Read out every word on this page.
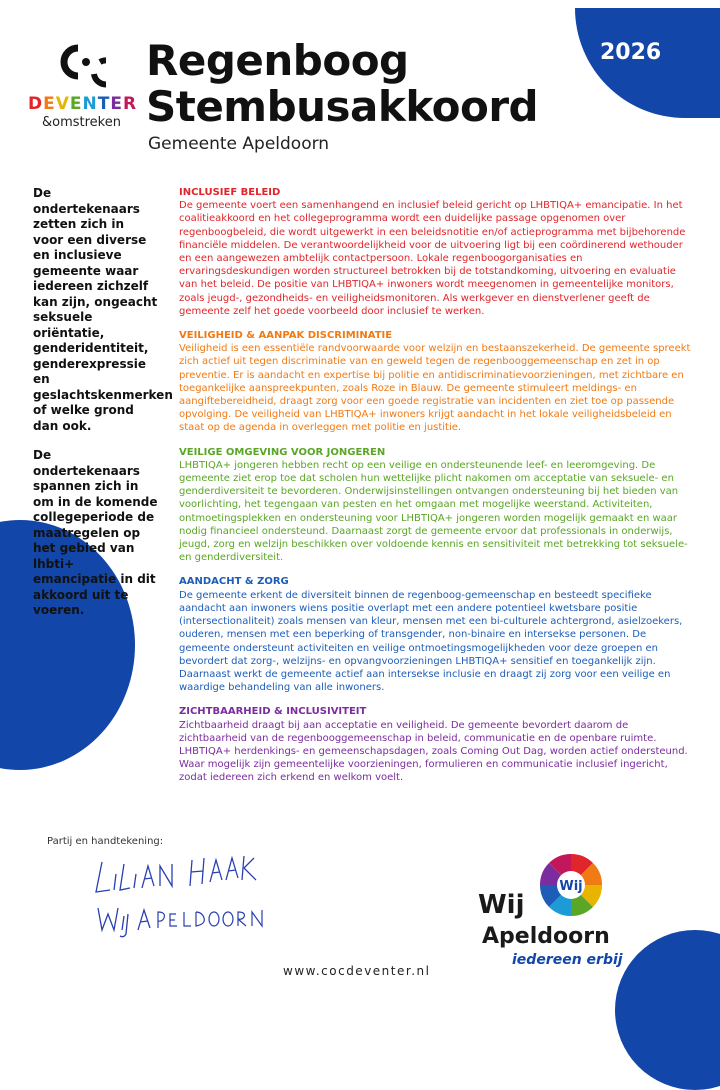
DEVENTER
&omstreken
Regenboog
Stembusakkoord
2026
Gemeente Apeldoorn

De ondertekenaars zetten zich in voor een diverse en inclusieve gemeente waar iedereen zichzelf kan zijn, ongeacht seksuele oriëntatie, genderidentiteit, genderexpressie en geslachtskenmerken of welke grond dan ook.

De ondertekenaars spannen zich in om in de komende collegeperiode de maatregelen op het gebied van lhbti+ emancipatie in dit akkoord uit te voeren.

INCLUSIEF BELEID

De gemeente voert een samenhangend en inclusief beleid gericht op LHBTIQA+ emancipatie. In het coalitieakkoord en het collegeprogramma wordt een duidelijke passage opgenomen over regenboogbeleid, die wordt uitgewerkt in een beleidsnotitie en/of actieprogramma met bijbehorende financiële middelen. De verantwoordelijkheid voor de uitvoering ligt bij een coördinerend wethouder en een aangewezen ambtelijk contactpersoon. Lokale regenboogorganisaties en ervaringsdeskundigen worden structureel betrokken bij de totstandkoming, uitvoering en evaluatie van het beleid. De positie van LHBTIQA+ inwoners wordt meegenomen in gemeentelijke monitors, zoals jeugd-, gezondheids- en veiligheidsmonitoren. Als werkgever en dienstverlener geeft de gemeente zelf het goede voorbeeld door inclusief te werken.

VEILIGHEID & AANPAK DISCRIMINATIE

Veiligheid is een essentiële randvoorwaarde voor welzijn en bestaanszekerheid. De gemeente spreekt zich actief uit tegen discriminatie van en geweld tegen de regenbooggemeenschap en zet in op preventie. Er is aandacht en expertise bij politie en antidiscriminatievoorzieningen, met zichtbare en toegankelijke aanspreekpunten, zoals Roze in Blauw. De gemeente stimuleert meldings- en aangiftebereidheid, draagt zorg voor een goede registratie van incidenten en ziet toe op passende opvolging. De veiligheid van LHBTIQA+ inwoners krijgt aandacht in het lokale veiligheidsbeleid en staat op de agenda in overleggen met politie en justitie.

VEILIGE OMGEVING VOOR JONGEREN

LHBTIQA+ jongeren hebben recht op een veilige en ondersteunende leef- en leeromgeving. De gemeente ziet erop toe dat scholen hun wettelijke plicht nakomen om acceptatie van seksuele- en genderdiversiteit te bevorderen. Onderwijsinstellingen ontvangen ondersteuning bij het bieden van voorlichting, het tegengaan van pesten en het omgaan met mogelijke weerstand. Activiteiten, ontmoetingsplekken en ondersteuning voor LHBTIQA+ jongeren worden mogelijk gemaakt en waar nodig financieel ondersteund. Daarnaast zorgt de gemeente ervoor dat professionals in onderwijs, jeugd, zorg en welzijn beschikken over voldoende kennis en sensitiviteit met betrekking tot seksuele- en genderdiversiteit.

AANDACHT & ZORG

De gemeente erkent de diversiteit binnen de regenboog-gemeenschap en besteedt specifieke aandacht aan inwoners wiens positie overlapt met een andere potentieel kwetsbare positie (intersectionaliteit) zoals mensen van kleur, mensen met een bi-culturele achtergrond, asielzoekers, ouderen, mensen met een beperking of transgender, non-binaire en intersekse personen. De gemeente ondersteunt activiteiten en veilige ontmoetingsmogelijkheden voor deze groepen en bevordert dat zorg-, welzijns- en opvangvoorzieningen LHBTIQA+ sensitief en toegankelijk zijn. Daarnaast werkt de gemeente actief aan intersekse inclusie en draagt zij zorg voor een veilige en waardige behandeling van alle inwoners.

ZICHTBAARHEID & INCLUSIVITEIT

Zichtbaarheid draagt bij aan acceptatie en veiligheid. De gemeente bevordert daarom de zichtbaarheid van de regenbooggemeenschap in beleid, communicatie en de openbare ruimte. LHBTIQA+ herdenkings- en gemeenschapsdagen, zoals Coming Out Dag, worden actief ondersteund. Waar mogelijk zijn gemeentelijke voorzieningen, formulieren en communicatie inclusief ingericht, zodat iedereen zich erkend en welkom voelt.

Partij en handtekening:
Wij
Wij
Apeldoorn
iedereen erbij
www.cocdeventer.nl
